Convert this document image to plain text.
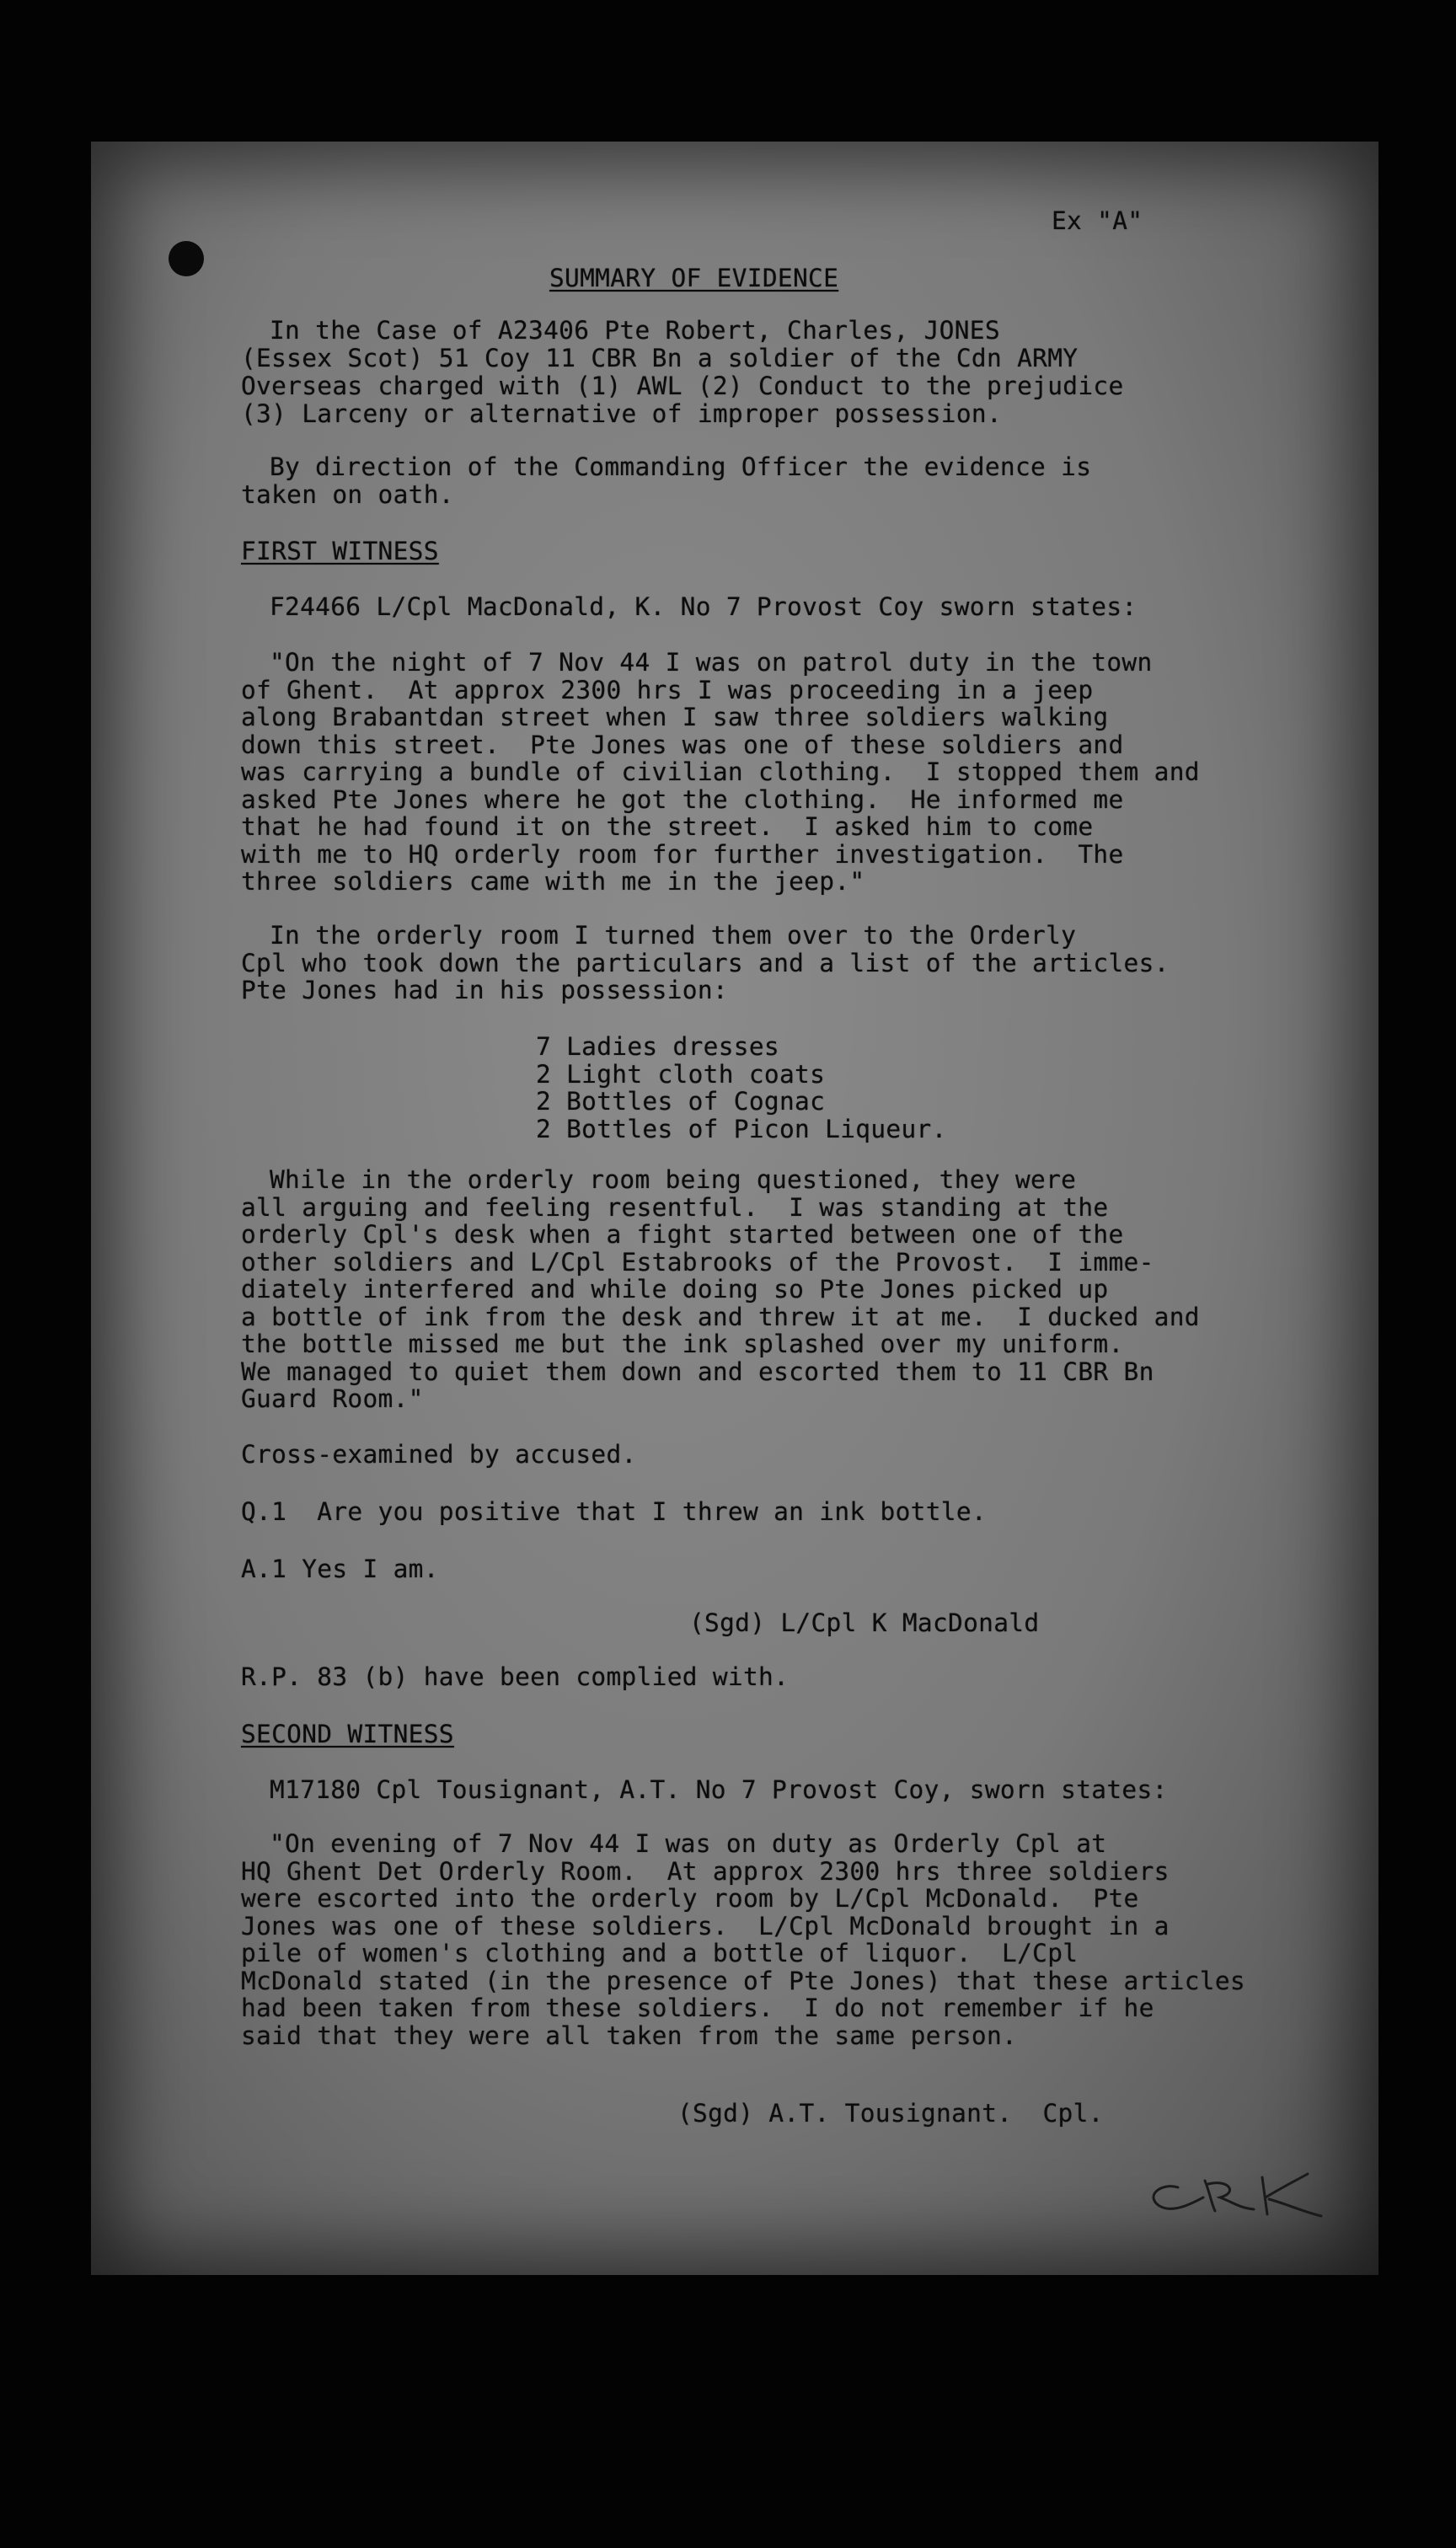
Ex "A"
SUMMARY OF EVIDENCE
In the Case of A23406 Pte Robert, Charles, JONES
(Essex Scot) 51 Coy 11 CBR Bn a soldier of the Cdn ARMY
Overseas charged with (1) AWL (2) Conduct to the prejudice
(3) Larceny or alternative of improper possession.
By direction of the Commanding Officer the evidence is
taken on oath.
FIRST WITNESS
F24466 L/Cpl MacDonald, K. No 7 Provost Coy sworn states:
"On the night of 7 Nov 44 I was on patrol duty in the town
of Ghent.  At approx 2300 hrs I was proceeding in a jeep
along Brabantdan street when I saw three soldiers walking
down this street.  Pte Jones was one of these soldiers and
was carrying a bundle of civilian clothing.  I stopped them and
asked Pte Jones where he got the clothing.  He informed me
that he had found it on the street.  I asked him to come
with me to HQ orderly room for further investigation.  The
three soldiers came with me in the jeep."
In the orderly room I turned them over to the Orderly
Cpl who took down the particulars and a list of the articles.
Pte Jones had in his possession:
7 Ladies dresses
2 Light cloth coats
2 Bottles of Cognac
2 Bottles of Picon Liqueur.
While in the orderly room being questioned, they were
all arguing and feeling resentful.  I was standing at the
orderly Cpl's desk when a fight started between one of the
other soldiers and L/Cpl Estabrooks of the Provost.  I imme-
diately interfered and while doing so Pte Jones picked up
a bottle of ink from the desk and threw it at me.  I ducked and
the bottle missed me but the ink splashed over my uniform.
We managed to quiet them down and escorted them to 11 CBR Bn
Guard Room."
Cross-examined by accused.
Q.1  Are you positive that I threw an ink bottle.
A.1 Yes I am.
(Sgd) L/Cpl K MacDonald
R.P. 83 (b) have been complied with.
SECOND WITNESS
M17180 Cpl Tousignant, A.T. No 7 Provost Coy, sworn states:
"On evening of 7 Nov 44 I was on duty as Orderly Cpl at
HQ Ghent Det Orderly Room.  At approx 2300 hrs three soldiers
were escorted into the orderly room by L/Cpl McDonald.  Pte
Jones was one of these soldiers.  L/Cpl McDonald brought in a
pile of women's clothing and a bottle of liquor.  L/Cpl
McDonald stated (in the presence of Pte Jones) that these articles
had been taken from these soldiers.  I do not remember if he
said that they were all taken from the same person.
(Sgd) A.T. Tousignant.  Cpl.
